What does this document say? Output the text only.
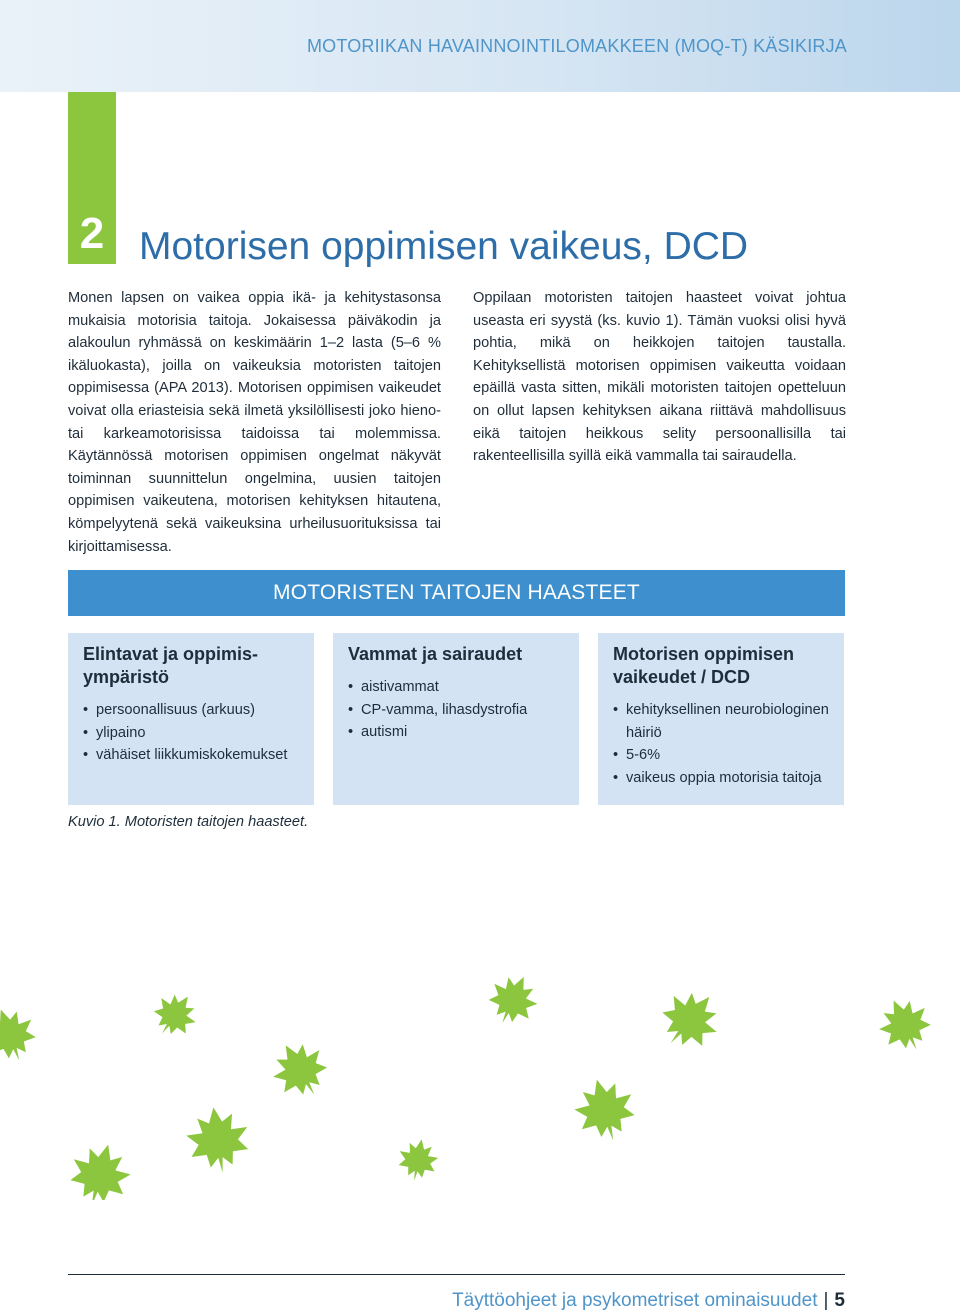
MOTORIIKAN HAVAINNOINTILOMAKKEEN (MOQ-T) KÄSIKIRJA
2 Motorisen oppimisen vaikeus, DCD

Monen lapsen on vaikea oppia ikä- ja kehitystasonsa mukaisia motorisia taitoja. Jokaisessa päiväkodin ja alakoulun ryhmässä on keskimäärin 1–2 lasta (5–6 % ikäluokasta), joilla on vaikeuksia motoristen taitojen oppimisessa (APA 2013). Motorisen oppimisen vaikeudet voivat olla eriasteisia sekä ilmetä yksilöllisesti joko hieno- tai karkeamotorisissa taidoissa tai molemmissa. Käytännössä motorisen oppimisen ongelmat näkyvät toiminnan suunnittelun ongelmina, uusien taitojen oppimisen vaikeutena, motorisen kehityksen hitautena, kömpelyytenä sekä vaikeuksina urheilusuorituksissa tai kirjoittamisessa.

Oppilaan motoristen taitojen haasteet voivat johtua useasta eri syystä (ks. kuvio 1). Tämän vuoksi olisi hyvä pohtia, mikä on heikkojen taitojen taustalla. Kehityksellistä motorisen oppimisen vaikeutta voidaan epäillä vasta sitten, mikäli motoristen taitojen opetteluun on ollut lapsen kehityksen aikana riittävä mahdollisuus eikä taitojen heikkous selity persoonallisilla tai rakenteellisilla syillä eikä vammalla tai sairaudella.

MOTORISTEN TAITOJEN HAASTEET
Elintavat ja oppimis-ympäristö
• persoonallisuus (arkuus)
• ylipaino
• vähäiset liikkumiskokemukset
Vammat ja sairaudet
• aistivammat
• CP-vamma, lihasdystrofia
• autismi
Motorisen oppimisen vaikeudet / DCD
• kehityksellinen neurobiologinen häiriö
• 5-6%
• vaikeus oppia motorisia taitoja
Kuvio 1. Motoristen taitojen haasteet.
Täyttöohjeet ja psykometriset ominaisuudet | 5
